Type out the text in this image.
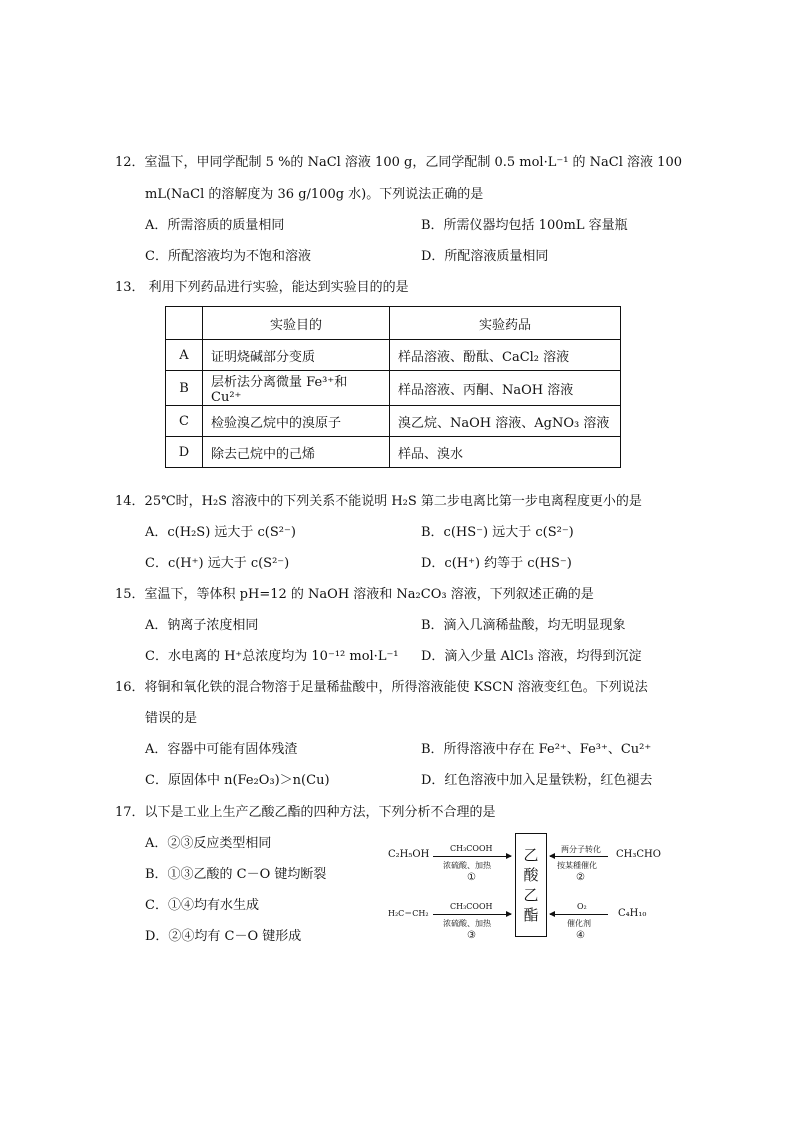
12．室温下，甲同学配制 5 %的 NaCl 溶液 100 g，乙同学配制 0.5 mol·L⁻¹ 的 NaCl 溶液 100
mL(NaCl 的溶解度为 36 g/100g 水)。下列说法正确的是
A．所需溶质的质量相同	B．所需仪器均包括 100mL 容量瓶
C．所配溶液均为不饱和溶液	D．所配溶液质量相同
13． 利用下列药品进行实验，能达到实验目的的是
	实验目的	实验药品
A	证明烧碱部分变质	样品溶液、酚酞、CaCl₂ 溶液
B	层析法分离微量 Fe³⁺和 Cu²⁺	样品溶液、丙酮、NaOH 溶液
C	检验溴乙烷中的溴原子	溴乙烷、NaOH 溶液、AgNO₃ 溶液
D	除去己烷中的己烯	样品、溴水
14．25℃时，H₂S 溶液中的下列关系不能说明 H₂S 第二步电离比第一步电离程度更小的是
A．c(H₂S) 远大于 c(S²⁻)	B．c(HS⁻) 远大于 c(S²⁻)
C．c(H⁺) 远大于 c(S²⁻)	D．c(H⁺) 约等于 c(HS⁻)
15．室温下，等体积 pH=12 的 NaOH 溶液和 Na₂CO₃ 溶液，下列叙述正确的是
A．钠离子浓度相同	B．滴入几滴稀盐酸，均无明显现象
C．水电离的 H⁺总浓度均为 10⁻¹² mol·L⁻¹ D．滴入少量 AlCl₃ 溶液，均得到沉淀
16．将铜和氧化铁的混合物溶于足量稀盐酸中，所得溶液能使 KSCN 溶液变红色。下列说法
错误的是
A．容器中可能有固体残渣	B．所得溶液中存在 Fe²⁺、Fe³⁺、Cu²⁺
C．原固体中 n(Fe₂O₃)＞n(Cu)	D．红色溶液中加入足量铁粉，红色褪去
17．以下是工业上生产乙酸乙酯的四种方法，下列分析不合理的是
A．②③反应类型相同
B．①③乙酸的 C－O 键均断裂
C．①④均有水生成
D．②④均有 C－O 键形成
乙
酸
乙
酯
C₂H₅OH
CH₃COOH
浓硫酸、加热
①
两分子转化
按某種催化
②
CH₃CHO
H₂C＝CH₂
CH₃COOH
浓硫酸、加热
③
O₂
催化剂
④
C₄H₁₀
